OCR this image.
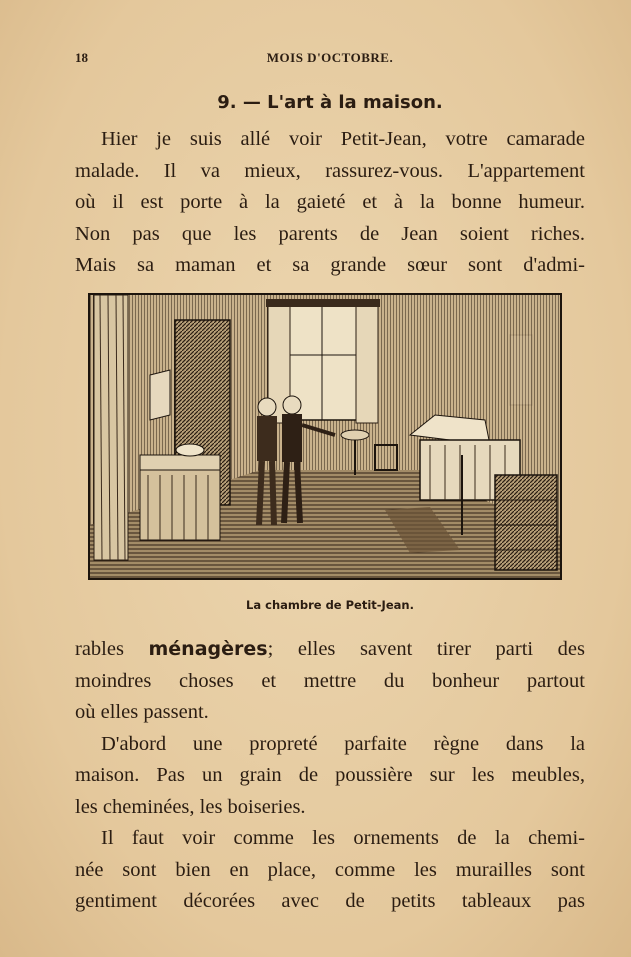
18	MOIS D'OCTOBRE.
9. — L'art à la maison.

Hier je suis allé voir Petit-Jean, votre camarade

malade. Il va mieux, rassurez-vous. L'appartement

où il est porte à la gaieté et à la bonne humeur.

Non pas que les parents de Jean soient riches.

Mais sa maman et sa grande sœur sont d'admi-

La chambre de Petit-Jean.

rables ménagères; elles savent tirer parti des

moindres choses et mettre du bonheur partout

où elles passent.

D'abord une propreté parfaite règne dans la

maison. Pas un grain de poussière sur les meubles,

les cheminées, les boiseries.

Il faut voir comme les ornements de la chemi-

née sont bien en place, comme les murailles sont

gentiment décorées avec de petits tableaux pas
